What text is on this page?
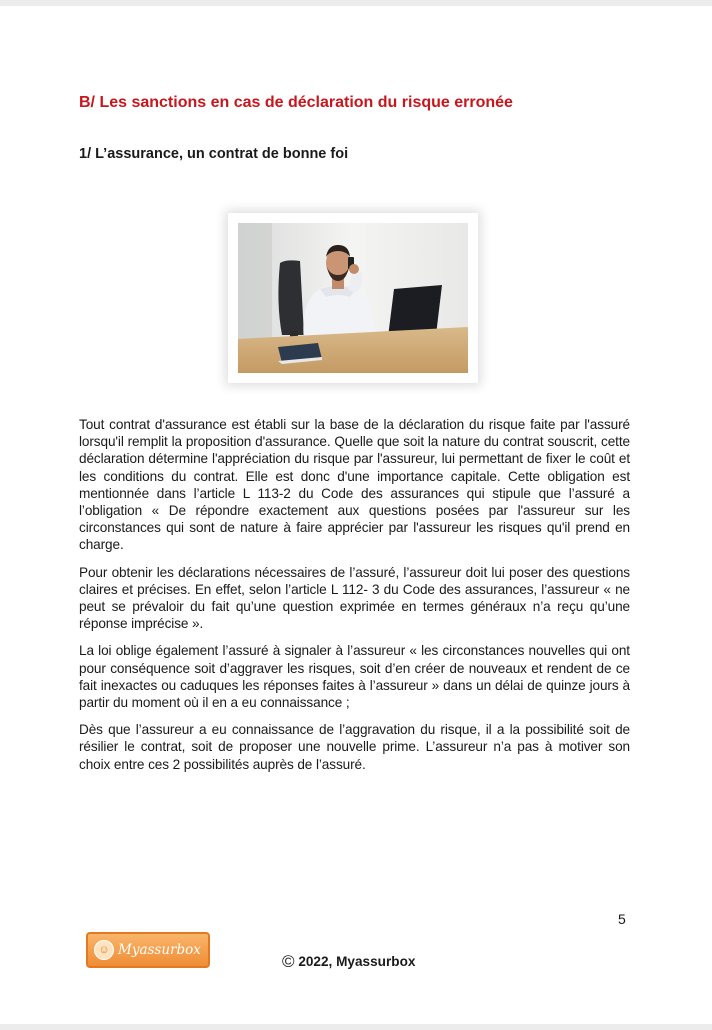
B/ Les sanctions en cas de déclaration du risque erronée
1/ L’assurance, un contrat de bonne foi

Tout contrat d'assurance est établi sur la base de la déclaration du risque faite par l'assuré lorsqu'il remplit la proposition d'assurance. Quelle que soit la nature du contrat souscrit, cette déclaration détermine l'appréciation du risque par l'assureur, lui permettant de fixer le coût et les conditions du contrat. Elle est donc d'une importance capitale. Cette obligation est mentionnée dans l’article L 113-2 du Code des assurances qui stipule que l’assuré a l’obligation « De répondre exactement aux questions posées par l'assureur sur les circonstances qui sont de nature à faire apprécier par l'assureur les risques qu'il prend en charge.

Pour obtenir les déclarations nécessaires de l’assuré, l’assureur doit lui poser des questions claires et précises. En effet, selon l’article L 112- 3 du Code des assurances, l’assureur « ne peut se prévaloir du fait qu’une question exprimée en termes généraux n’a reçu qu’une réponse imprécise ».

La loi oblige également l’assuré à signaler à l’assureur « les circonstances nouvelles qui ont pour conséquence soit d’aggraver les risques, soit d’en créer de nouveaux et rendent de ce fait inexactes ou caduques les réponses faites à l’assureur » dans un délai de quinze jours à partir du moment où il en a eu connaissance ;

Dès que l’assureur a eu connaissance de l’aggravation du risque, il a la possibilité soit de résilier le contrat, soit de proposer une nouvelle prime. L’assureur n’a pas à motiver son choix entre ces 2 possibilités auprès de l’assuré.

5
☺ Myassurbox
© 2022, Myassurbox
